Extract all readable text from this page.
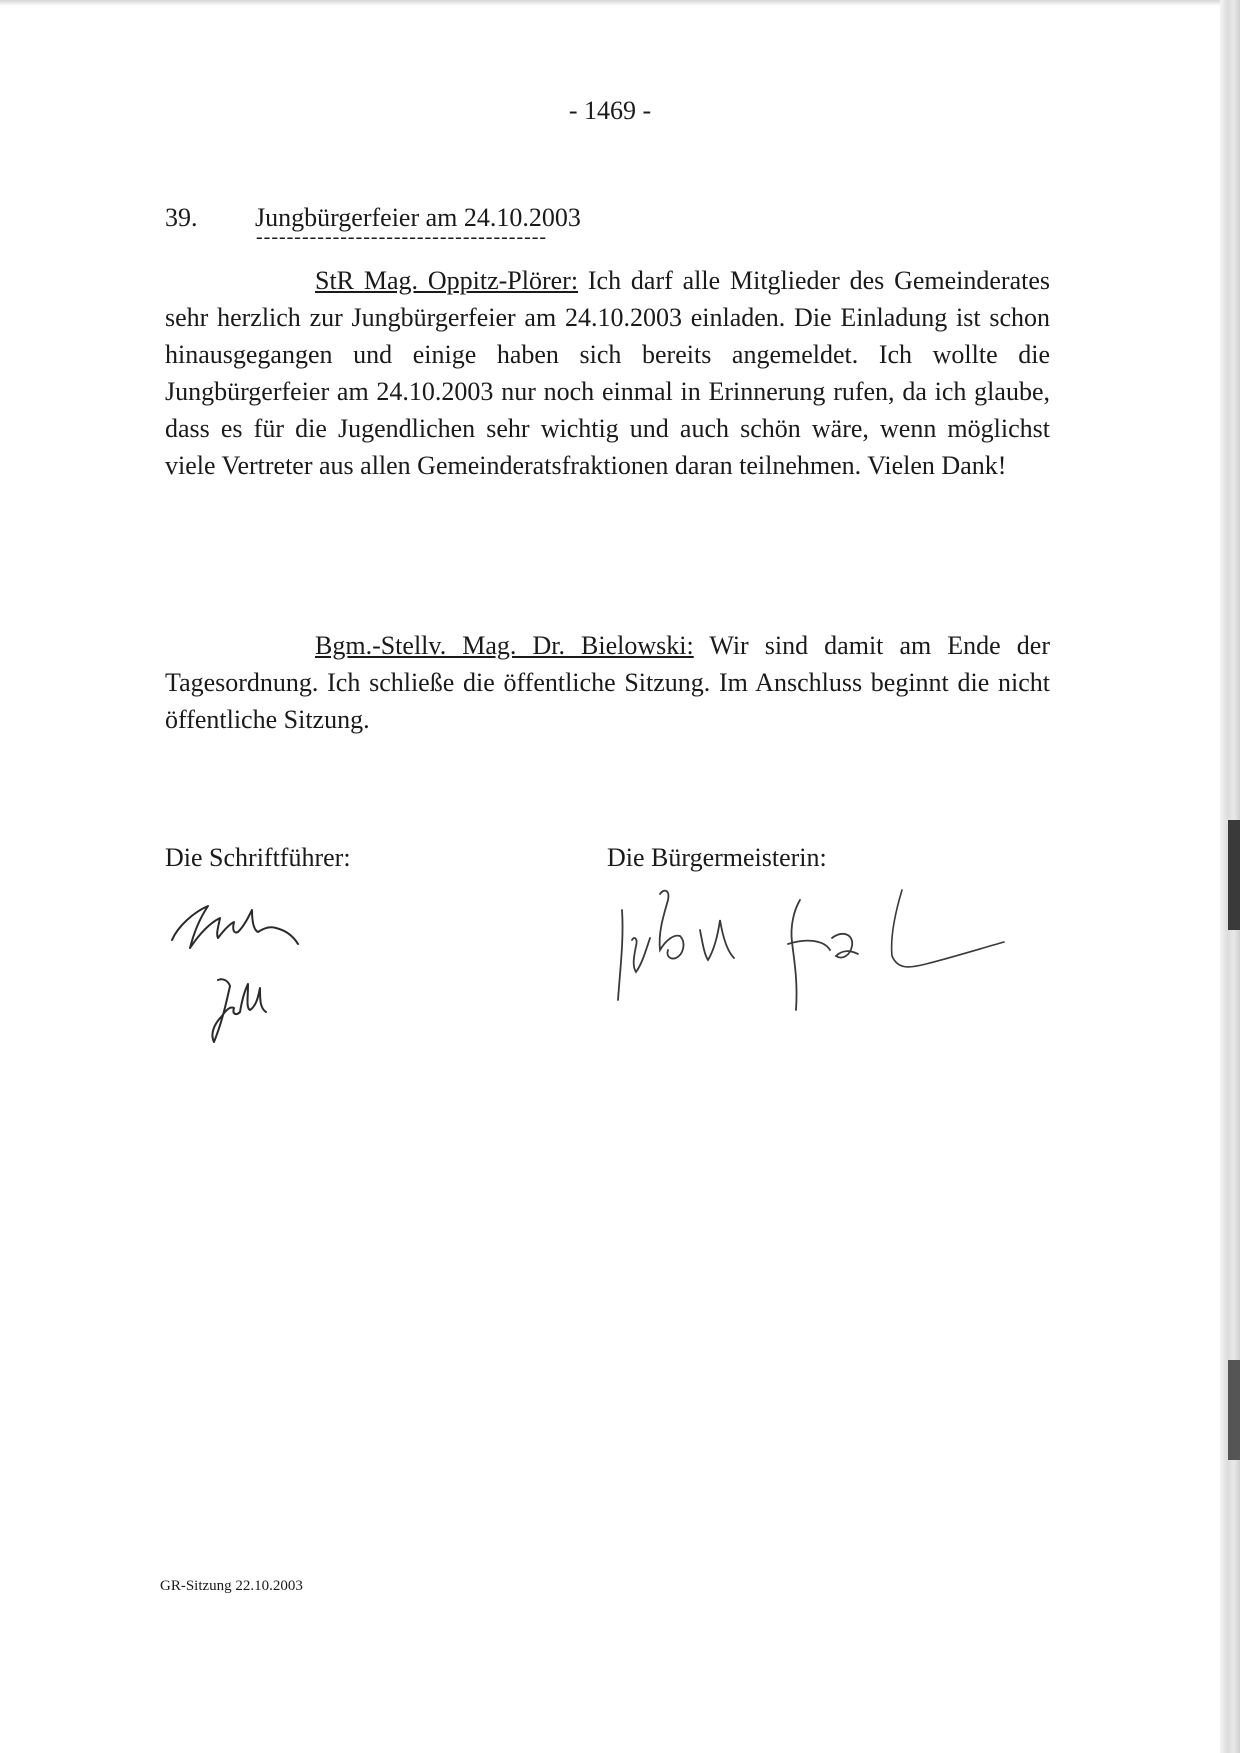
- 1469 -
39. Jungbürgerfeier am 24.10.2003
--------------------------------------
StR Mag. Oppitz-Plörer: Ich darf alle Mitglieder des Gemeinderates sehr herzlich zur Jungbürgerfeier am 24.10.2003 einladen. Die Einladung ist schon hinausgegangen und einige haben sich bereits angemeldet. Ich wollte die Jungbürgerfeier am 24.10.2003 nur noch einmal in Erinnerung rufen, da ich glaube, dass es für die Jugendlichen sehr wichtig und auch schön wäre, wenn möglichst viele Vertreter aus allen Gemeinderatsfraktionen daran teilnehmen. Vielen Dank!
Bgm.-Stellv. Mag. Dr. Bielowski: Wir sind damit am Ende der Tagesordnung. Ich schließe die öffentliche Sitzung. Im Anschluss beginnt die nicht öffentliche Sitzung.
Die Schriftführer:	Die Bürgermeisterin:
GR-Sitzung 22.10.2003
